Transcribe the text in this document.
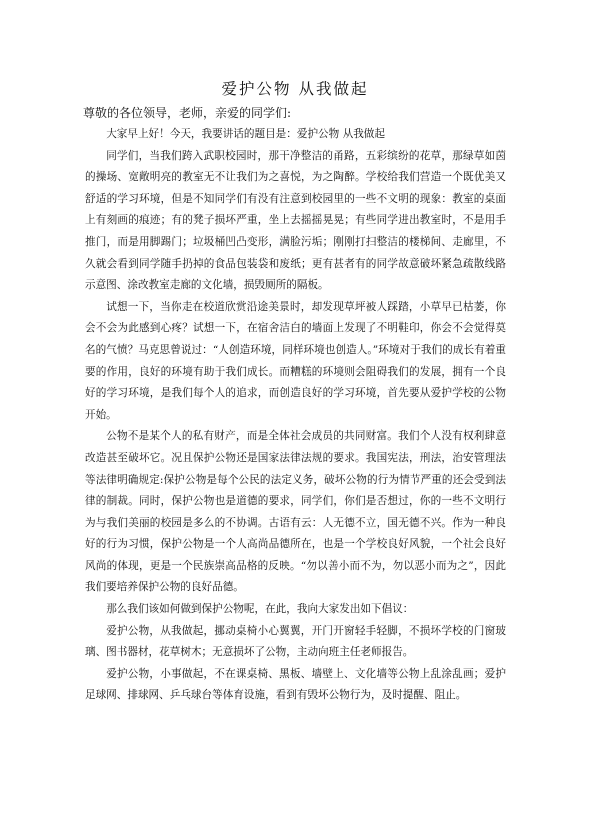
爱护公物 从我做起

尊敬的各位领导，老师，亲爱的同学们:

大家早上好！今天，我要讲话的题目是：爱护公物 从我做起

同学们，当我们跨入武职校园时，那干净整洁的甬路，五彩缤纷的花草，那绿草如茵的操场、宽敞明亮的教室无不让我们为之喜悦，为之陶醉。学校给我们营造一个既优美又舒适的学习环境，但是不知同学们有没有注意到校园里的一些不文明的现象：教室的桌面上有刻画的痕迹；有的凳子损坏严重，坐上去摇摇晃晃；有些同学进出教室时，不是用手推门，而是用脚踢门；垃圾桶凹凸变形，满脸污垢；刚刚打扫整洁的楼梯间、走廊里，不久就会看到同学随手扔掉的食品包装袋和废纸；更有甚者有的同学故意破坏紧急疏散线路示意图、涂改教室走廊的文化墙，损毁厕所的隔板。

试想一下，当你走在校道欣赏沿途美景时，却发现草坪被人踩踏，小草早已枯萎，你会不会为此感到心疼？试想一下，在宿舍洁白的墙面上发现了不明鞋印，你会不会觉得莫名的气愤？马克思曾说过：“人创造环境，同样环境也创造人。”环境对于我们的成长有着重要的作用，良好的环境有助于我们成长。而糟糕的环境则会阻碍我们的发展，拥有一个良好的学习环境，是我们每个人的追求，而创造良好的学习环境，首先要从爱护学校的公物开始。

公物不是某个人的私有财产，而是全体社会成员的共同财富。我们个人没有权利肆意改造甚至破坏它。况且保护公物还是国家法律法规的要求。我国宪法，刑法，治安管理法等法律明确规定:保护公物是每个公民的法定义务，破坏公物的行为情节严重的还会受到法律的制裁。同时，保护公物也是道德的要求，同学们，你们是否想过，你的一些不文明行为与我们美丽的校园是多么的不协调。古语有云：人无德不立，国无德不兴。作为一种良好的行为习惯，保护公物是一个人高尚品德所在，也是一个学校良好风貌，一个社会良好风尚的体现，更是一个民族崇高品格的反映。“勿以善小而不为，勿以恶小而为之”，因此我们要培养保护公物的良好品德。

那么我们该如何做到保护公物呢，在此，我向大家发出如下倡议：

爱护公物，从我做起，挪动桌椅小心翼翼，开门开窗轻手轻脚，不损坏学校的门窗玻璃、图书器材，花草树木；无意损坏了公物，主动向班主任老师报告。

爱护公物，小事做起，不在课桌椅、黑板、墙壁上、文化墙等公物上乱涂乱画；爱护足球网、排球网、乒乓球台等体育设施，看到有毁坏公物行为，及时提醒、阻止。
